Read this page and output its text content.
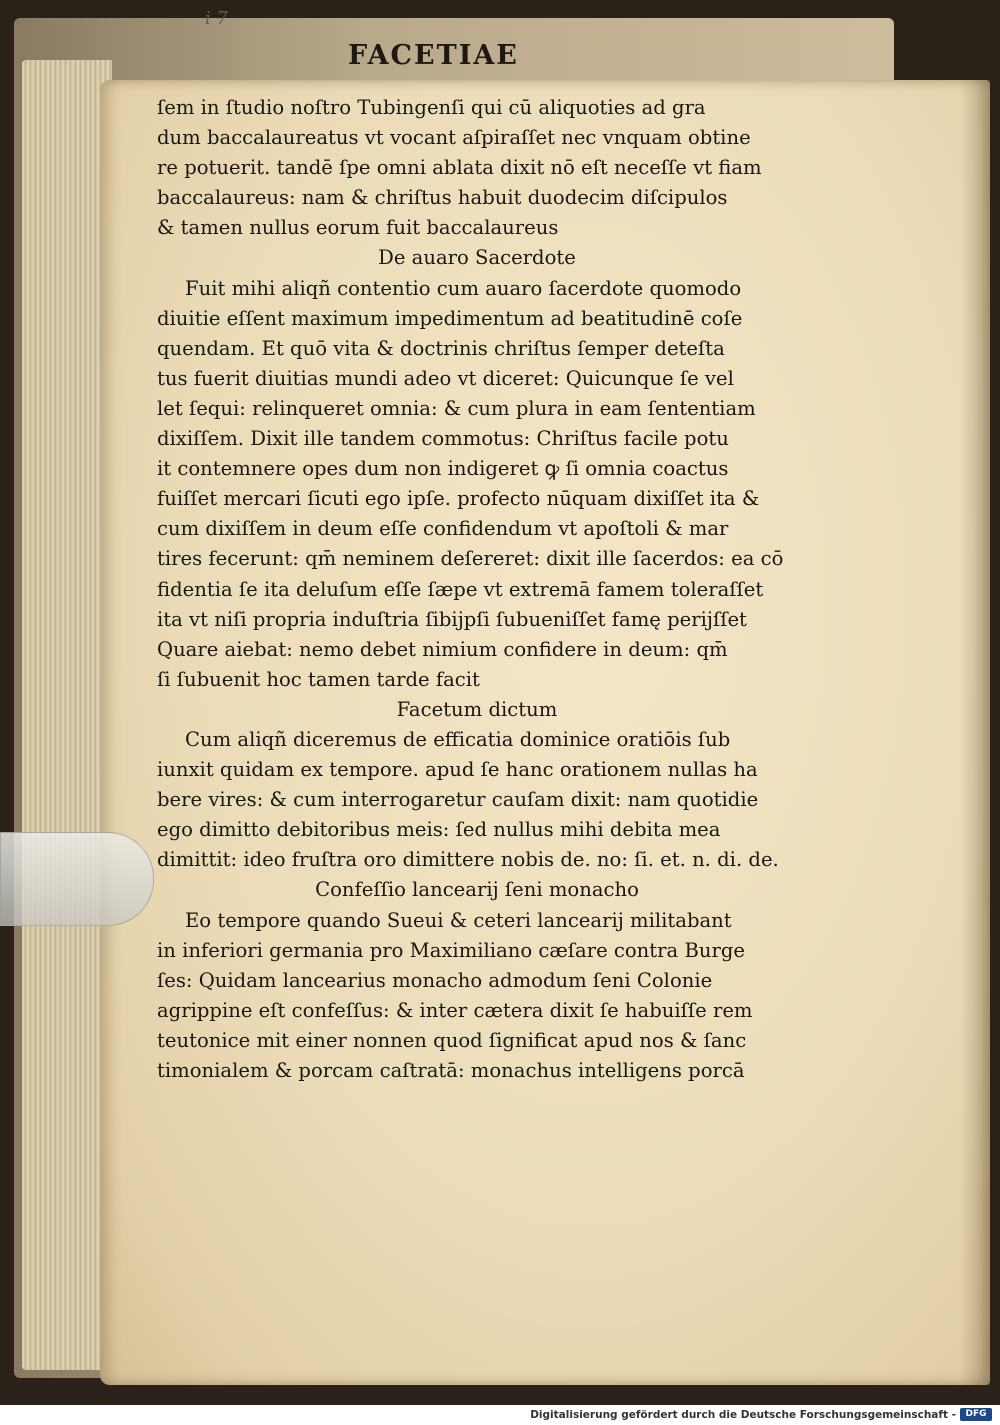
i 7
FACETIAE
ſem in ſtudio noſtro Tubingenſi qui cū aliquoties ad gra
dum baccalaureatus vt vocant aſpiraſſet nec vnquam obtine
re potuerit. tandē ſpe omni ablata dixit nō eſt neceſſe vt fiam
baccalaureus: nam & chriſtus habuit duodecim diſcipulos
& tamen nullus eorum fuit baccalaureus
De auaro Sacerdote
Fuit mihi aliqñ contentio cum auaro ſacerdote quomodo
diuitie eſſent maximum impedimentum ad beatitudinē coſe
quendam. Et quō vita & doctrinis chriſtus ſemper deteſta
tus fuerit diuitias mundi adeo vt diceret: Quicunque ſe vel
let ſequi: relinqueret omnia: & cum plura in eam ſententiam
dixiſſem. Dixit ille tandem commotus: Chriſtus facile potu
it contemnere opes dum non indigeret ꝙ ſi omnia coactus
fuiſſet mercari ſicuti ego ipſe. profecto nūquam dixiſſet ita &
cum dixiſſem in deum eſſe confidendum vt apoſtoli & mar
tires fecerunt: qm̄ neminem deſereret: dixit ille ſacerdos: ea cō
fidentia ſe ita deluſum eſſe ſæpe vt extremā famem toleraſſet
ita vt niſi propria induſtria ſibijpſi ſubueniſſet famę perijſſet
Quare aiebat: nemo debet nimium confidere in deum: qm̄
ſi ſubuenit hoc tamen tarde facit
Facetum dictum
Cum aliqñ diceremus de efficatia dominice oratiōis ſub
iunxit quidam ex tempore. apud ſe hanc orationem nullas ha
bere vires: & cum interrogaretur cauſam dixit: nam quotidie
ego dimitto debitoribus meis: ſed nullus mihi debita mea
dimittit: ideo fruſtra oro dimittere nobis de. no: ſi. et. n. di. de.
Confeſſio lancearij ſeni monacho
Eo tempore quando Sueui & ceteri lancearij militabant
in inferiori germania pro Maximiliano cæſare contra Burge
ſes: Quidam lancearius monacho admodum ſeni Colonie
agrippine eſt confeſſus: & inter cætera dixit ſe habuiſſe rem
teutonice mit einer nonnen quod ſignificat apud nos & ſanc
timonialem & porcam caſtratā: monachus intelligens porcā
Digitalisierung gefördert durch die Deutsche Forschungsgemeinschaft -	DFG
